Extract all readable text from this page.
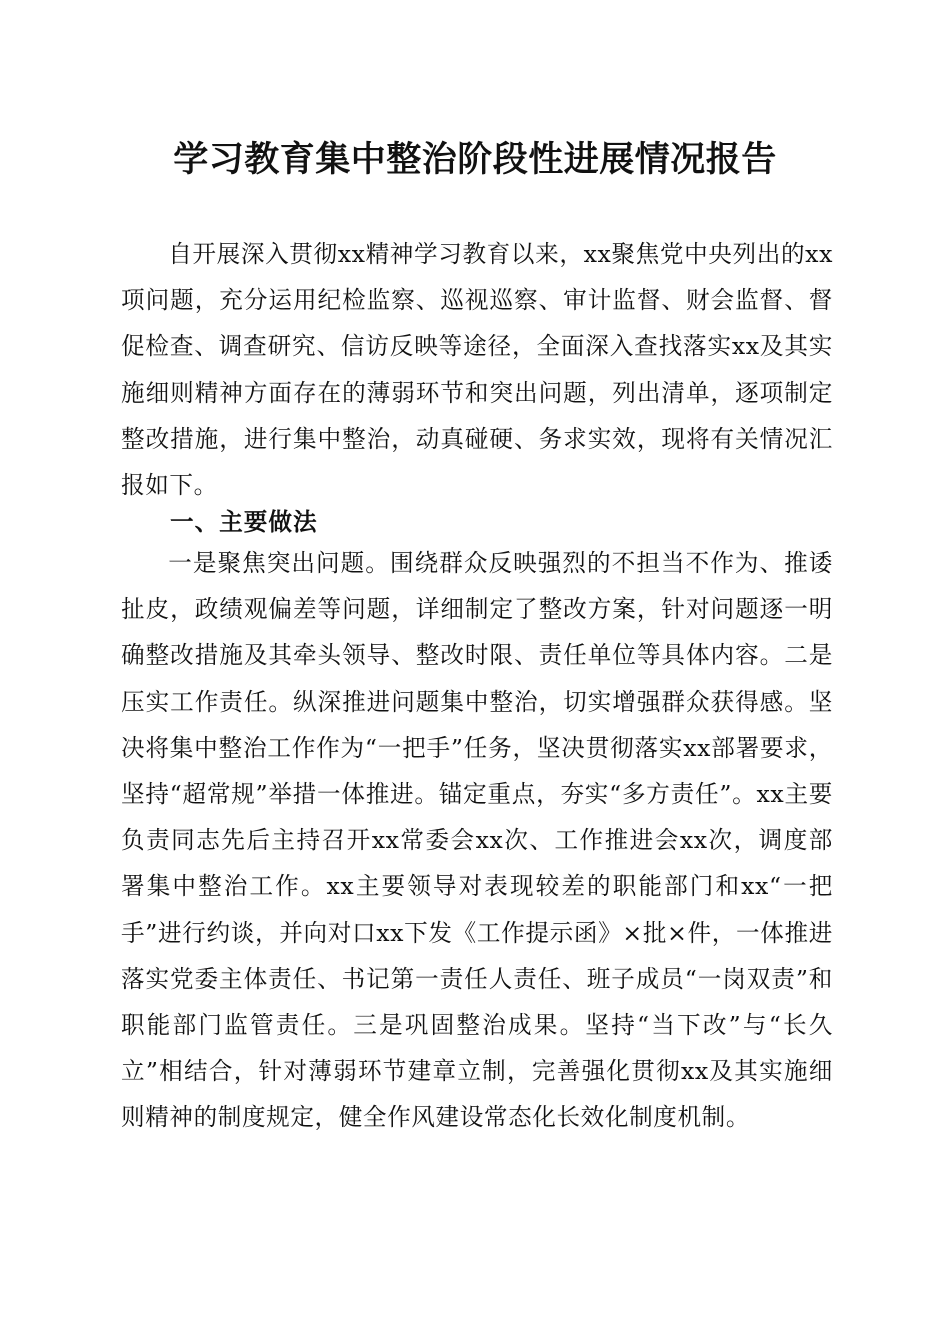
学习教育集中整治阶段性进展情况报告

自开展深入贯彻xx精神学习教育以来，xx聚焦党中央列出的xx项问题，充分运用纪检监察、巡视巡察、审计监督、财会监督、督促检查、调查研究、信访反映等途径，全面深入查找落实xx及其实施细则精神方面存在的薄弱环节和突出问题，列出清单，逐项制定整改措施，进行集中整治，动真碰硬、务求实效，现将有关情况汇报如下。

一、主要做法

一是聚焦突出问题。围绕群众反映强烈的不担当不作为、推诿扯皮，政绩观偏差等问题，详细制定了整改方案，针对问题逐一明确整改措施及其牵头领导、整改时限、责任单位等具体内容。二是压实工作责任。纵深推进问题集中整治，切实增强群众获得感。坚决将集中整治工作作为“一把手”任务，坚决贯彻落实xx部署要求，坚持“超常规”举措一体推进。锚定重点，夯实“多方责任”。xx主要负责同志先后主持召开xx常委会xx次、工作推进会xx次，调度部署集中整治工作。xx主要领导对表现较差的职能部门和xx“一把手”进行约谈，并向对口xx下发《工作提示函》×批×件，一体推进落实党委主体责任、书记第一责任人责任、班子成员“一岗双责”和职能部门监管责任。三是巩固整治成果。坚持“当下改”与“长久立”相结合，针对薄弱环节建章立制，完善强化贯彻xx及其实施细则精神的制度规定，健全作风建设常态化长效化制度机制。
